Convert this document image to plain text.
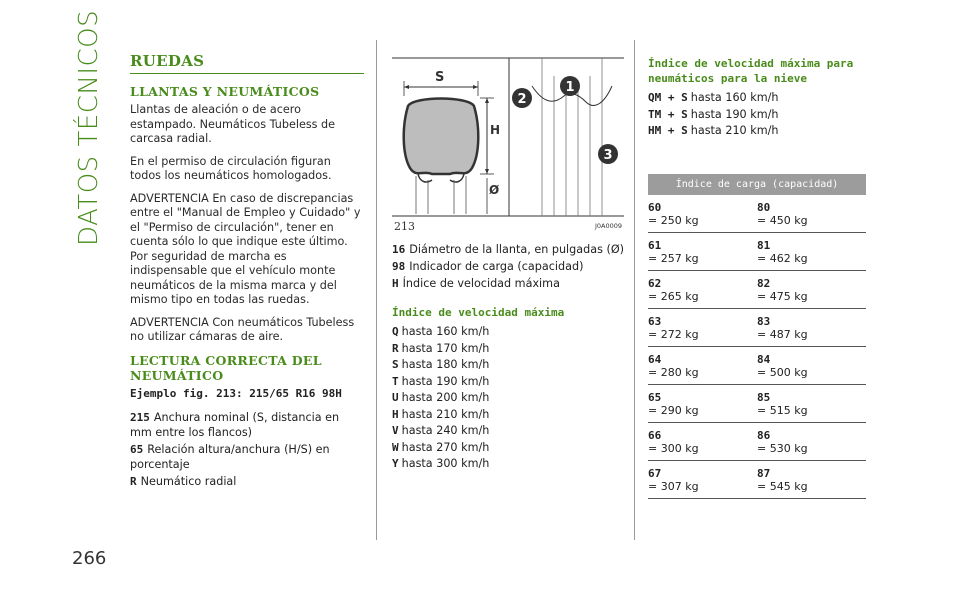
DATOS TÉCNICOS
266
RUEDAS
LLANTAS Y NEUMÁTICOS

Llantas de aleación o de acero estampado. Neumáticos Tubeless de carcasa radial.

En el permiso de circulación figuran todos los neumáticos homologados.

ADVERTENCIA En caso de discrepancias entre el "Manual de Empleo y Cuidado" y el "Permiso de circulación", tener en cuenta sólo lo que indique este último. Por seguridad de marcha es indispensable que el vehículo monte neumáticos de la misma marca y del mismo tipo en todas las ruedas.

ADVERTENCIA Con neumáticos Tubeless no utilizar cámaras de aire.

LECTURA CORRECTA DEL NEUMÁTICO
Ejemplo fig. 213: 215/65 R16 98H
215 Anchura nominal (S, distancia en mm entre los flancos)
65 Relación altura/anchura (H/S) en porcentaje
R Neumático radial
S
H
Ø
1
2
3
213	J0A0009
16 Diámetro de la llanta, en pulgadas (Ø)
98 Indicador de carga (capacidad)
H Índice de velocidad máxima
Índice de velocidad máxima
Q hasta 160 km/h
R hasta 170 km/h
S hasta 180 km/h
T hasta 190 km/h
U hasta 200 km/h
H hasta 210 km/h
V hasta 240 km/h
W hasta 270 km/h
Y hasta 300 km/h
Índice de velocidad máxima para neumáticos para la nieve
QM + S hasta 160 km/h
TM + S hasta 190 km/h
HM + S hasta 210 km/h
Índice de carga (capacidad)
60
= 250 kg
80
= 450 kg
61
= 257 kg
81
= 462 kg
62
= 265 kg
82
= 475 kg
63
= 272 kg
83
= 487 kg
64
= 280 kg
84
= 500 kg
65
= 290 kg
85
= 515 kg
66
= 300 kg
86
= 530 kg
67
= 307 kg
87
= 545 kg
